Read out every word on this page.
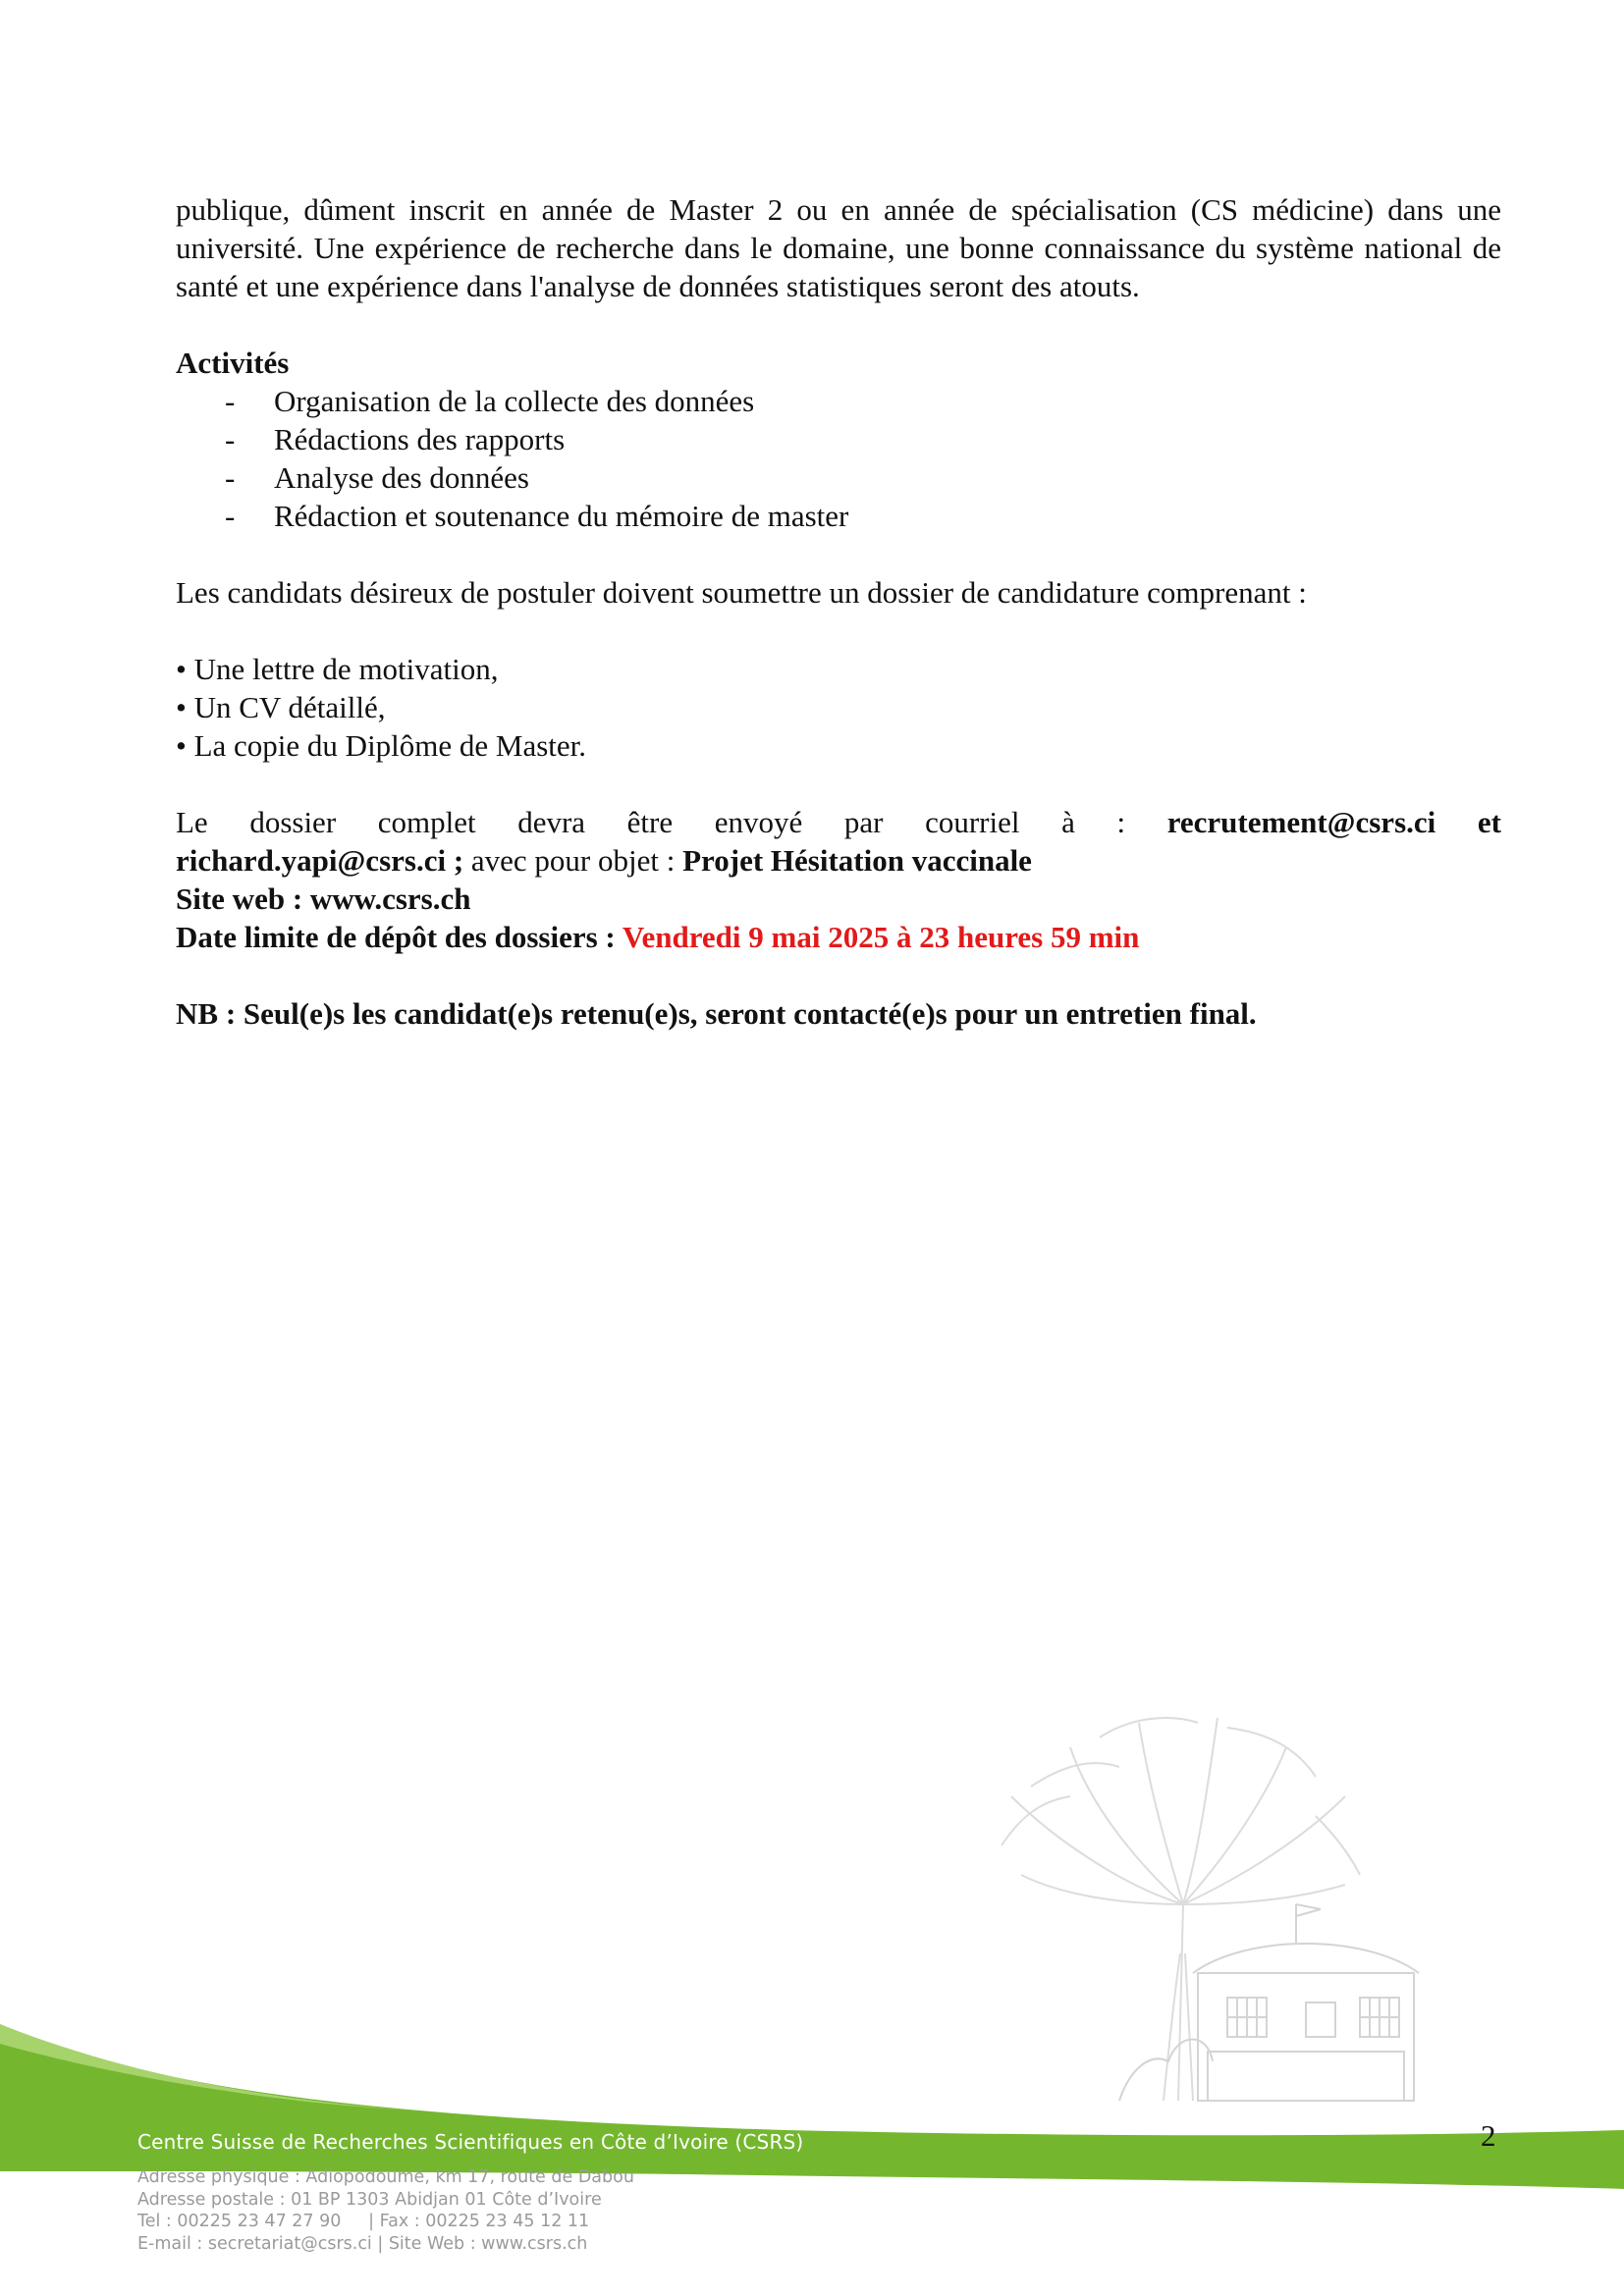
publique, dûment inscrit en année de Master 2 ou en année de spécialisation (CS médicine) dans une université. Une expérience de recherche dans le domaine, une bonne connaissance du système national de santé et une expérience dans l'analyse de données statistiques seront des atouts.

Activités

-	Organisation de la collecte des données
-	Rédactions des rapports
-	Analyse des données
-	Rédaction et soutenance du mémoire de master

Les candidats désireux de postuler doivent soumettre un dossier de candidature comprenant :

• Une lettre de motivation,

• Un CV détaillé,

• La copie du Diplôme de Master.

Le dossier complet devra être envoyé par courriel à : recrutement@csrs.ci et

richard.yapi@csrs.ci ; avec pour objet : Projet Hésitation vaccinale

Site web : www.csrs.ch

Date limite de dépôt des dossiers : Vendredi 9 mai 2025 à 23 heures 59 min

NB : Seul(e)s les candidat(e)s retenu(e)s, seront contacté(e)s pour un entretien final.

Centre Suisse de Recherches Scientifiques en Côte d’Ivoire (CSRS)	2
Adresse physique : Adiopodoumé, km 17, route de Dabou
Adresse postale : 01 BP 1303 Abidjan 01 Côte d’Ivoire
Tel : 00225 23 47 27 90     | Fax : 00225 23 45 12 11
E-mail : secretariat@csrs.ci | Site Web : www.csrs.ch
